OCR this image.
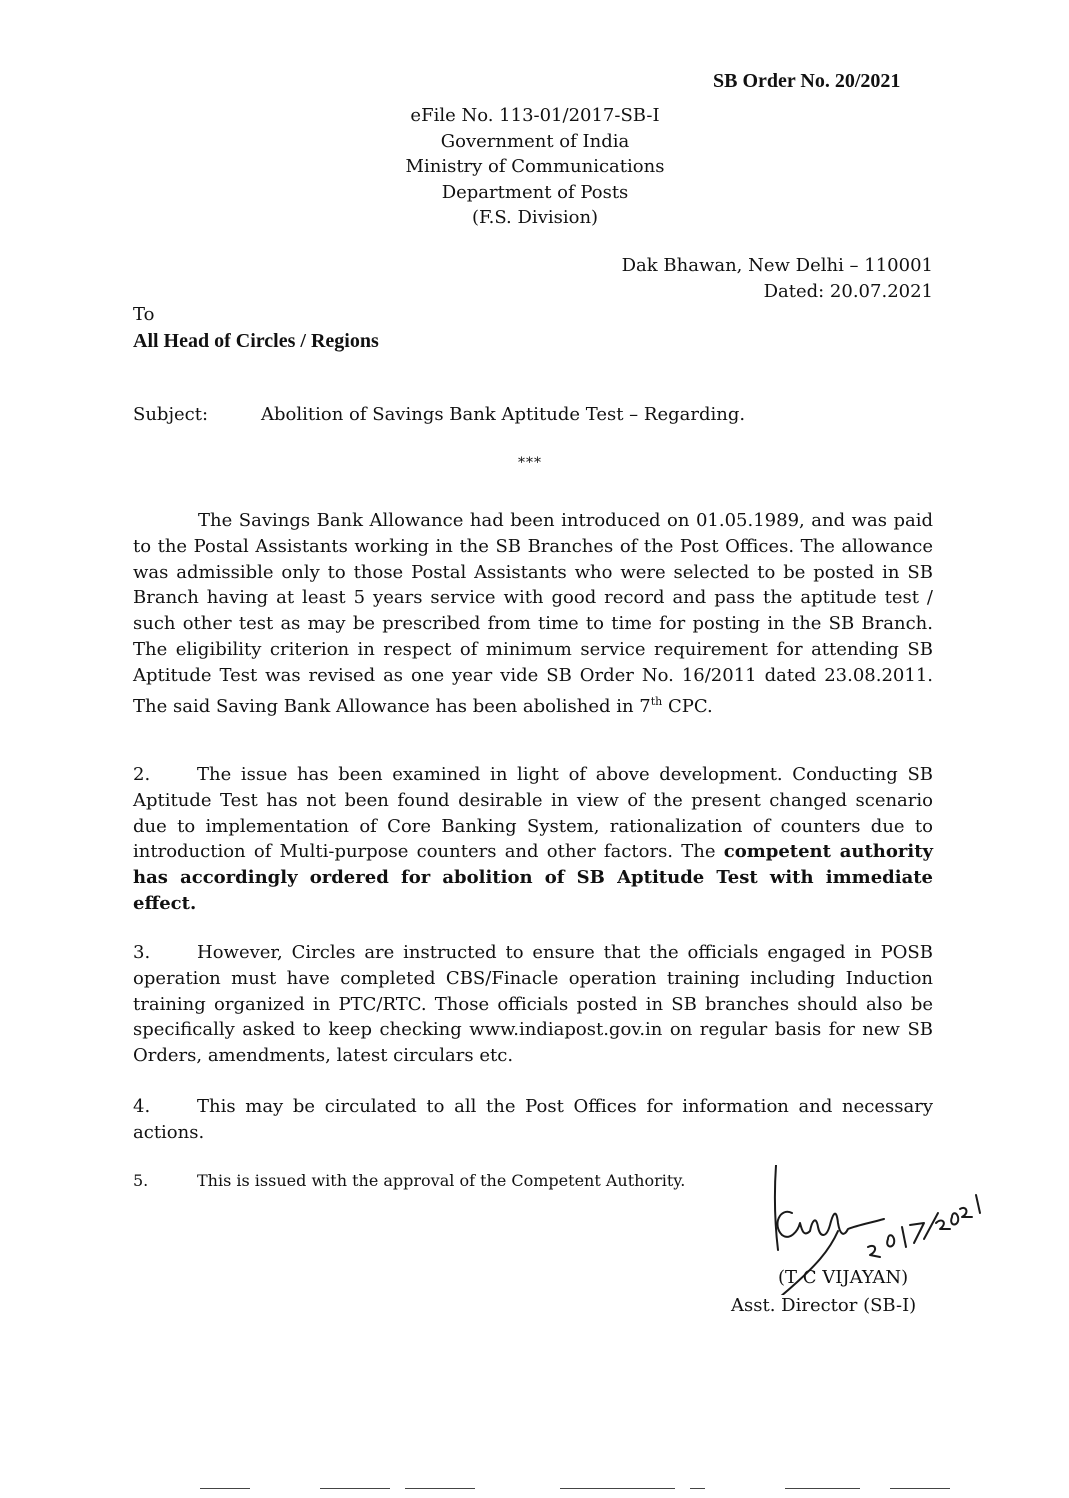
SB Order No. 20/2021
eFile No. 113-01/2017-SB-I
Government of India
Ministry of Communications
Department of Posts
(F.S. Division)
Dak Bhawan, New Delhi – 110001
Dated: 20.07.2021
To
All Head of Circles / Regions
Subject:	Abolition of Savings Bank Aptitude Test – Regarding.
***
The Savings Bank Allowance had been introduced on 01.05.1989, and was paid to the Postal Assistants working in the SB Branches of the Post Offices. The allowance was admissible only to those Postal Assistants who were selected to be posted in SB Branch having at least 5 years service with good record and pass the aptitude test / such other test as may be prescribed from time to time for posting in the SB Branch. The eligibility criterion in respect of minimum service requirement for attending SB Aptitude Test was revised as one year vide SB Order No. 16/2011 dated 23.08.2011. The said Saving Bank Allowance has been abolished in 7th CPC.
2.	The issue has been examined in light of above development. Conducting SB Aptitude Test has not been found desirable in view of the present changed scenario due to implementation of Core Banking System, rationalization of counters due to introduction of Multi-purpose counters and other factors. The competent authority has accordingly ordered for abolition of SB Aptitude Test with immediate effect.
3.	However, Circles are instructed to ensure that the officials engaged in POSB operation must have completed CBS/Finacle operation training including Induction training organized in PTC/RTC. Those officials posted in SB branches should also be specifically asked to keep checking www.indiapost.gov.in on regular basis for new SB Orders, amendments, latest circulars etc.
4.	This may be circulated to all the Post Offices for information and necessary actions.
5.	This is issued with the approval of the Competent Authority.
(T C VIJAYAN)
Asst. Director (SB-I)
